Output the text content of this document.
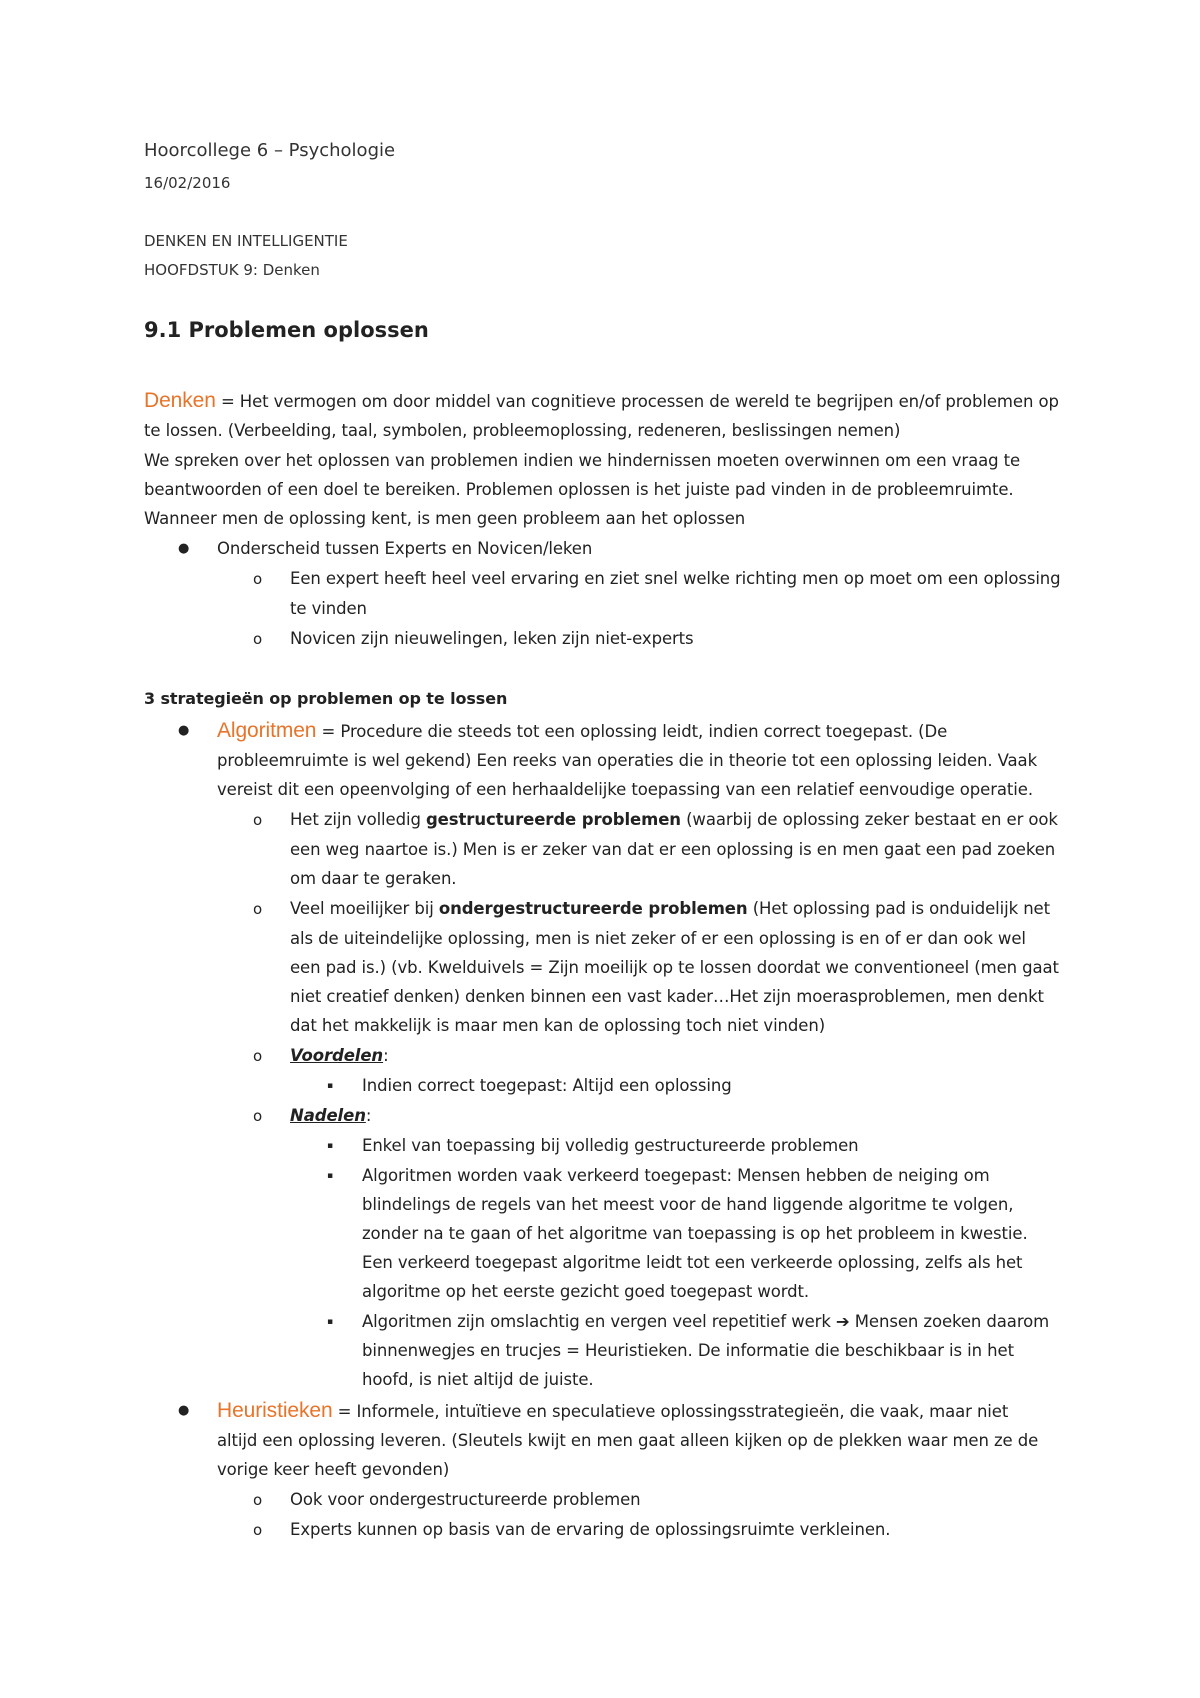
Hoorcollege 6 – Psychologie
16/02/2016
DENKEN EN INTELLIGENTIE
HOOFDSTUK 9: Denken
9.1 Problemen oplossen
Denken = Het vermogen om door middel van cognitieve processen de wereld te begrijpen en/of problemen op
te lossen. (Verbeelding, taal, symbolen, probleemoplossing, redeneren, beslissingen nemen)
We spreken over het oplossen van problemen indien we hindernissen moeten overwinnen om een vraag te
beantwoorden of een doel te bereiken. Problemen oplossen is het juiste pad vinden in de probleemruimte.
Wanneer men de oplossing kent, is men geen probleem aan het oplossen
● Onderscheid tussen Experts en Novicen/leken
o Een expert heeft heel veel ervaring en ziet snel welke richting men op moet om een oplossing
te vinden
o Novicen zijn nieuwelingen, leken zijn niet-experts
3 strategieën op problemen op te lossen
● Algoritmen = Procedure die steeds tot een oplossing leidt, indien correct toegepast. (De
probleemruimte is wel gekend) Een reeks van operaties die in theorie tot een oplossing leiden. Vaak
vereist dit een opeenvolging of een herhaaldelijke toepassing van een relatief eenvoudige operatie.
o Het zijn volledig gestructureerde problemen (waarbij de oplossing zeker bestaat en er ook
een weg naartoe is.) Men is er zeker van dat er een oplossing is en men gaat een pad zoeken
om daar te geraken.
o Veel moeilijker bij ondergestructureerde problemen (Het oplossing pad is onduidelijk net
als de uiteindelijke oplossing, men is niet zeker of er een oplossing is en of er dan ook wel
een pad is.) (vb. Kwelduivels = Zijn moeilijk op te lossen doordat we conventioneel (men gaat
niet creatief denken) denken binnen een vast kader…Het zijn moerasproblemen, men denkt
dat het makkelijk is maar men kan de oplossing toch niet vinden)
o Voordelen:
▪ Indien correct toegepast: Altijd een oplossing
o Nadelen:
▪ Enkel van toepassing bij volledig gestructureerde problemen
▪ Algoritmen worden vaak verkeerd toegepast: Mensen hebben de neiging om
blindelings de regels van het meest voor de hand liggende algoritme te volgen,
zonder na te gaan of het algoritme van toepassing is op het probleem in kwestie.
Een verkeerd toegepast algoritme leidt tot een verkeerde oplossing, zelfs als het
algoritme op het eerste gezicht goed toegepast wordt.
▪ Algoritmen zijn omslachtig en vergen veel repetitief werk ➔ Mensen zoeken daarom
binnenwegjes en trucjes = Heuristieken. De informatie die beschikbaar is in het
hoofd, is niet altijd de juiste.
● Heuristieken = Informele, intuïtieve en speculatieve oplossingsstrategieën, die vaak, maar niet
altijd een oplossing leveren. (Sleutels kwijt en men gaat alleen kijken op de plekken waar men ze de
vorige keer heeft gevonden)
o Ook voor ondergestructureerde problemen
o Experts kunnen op basis van de ervaring de oplossingsruimte verkleinen.
